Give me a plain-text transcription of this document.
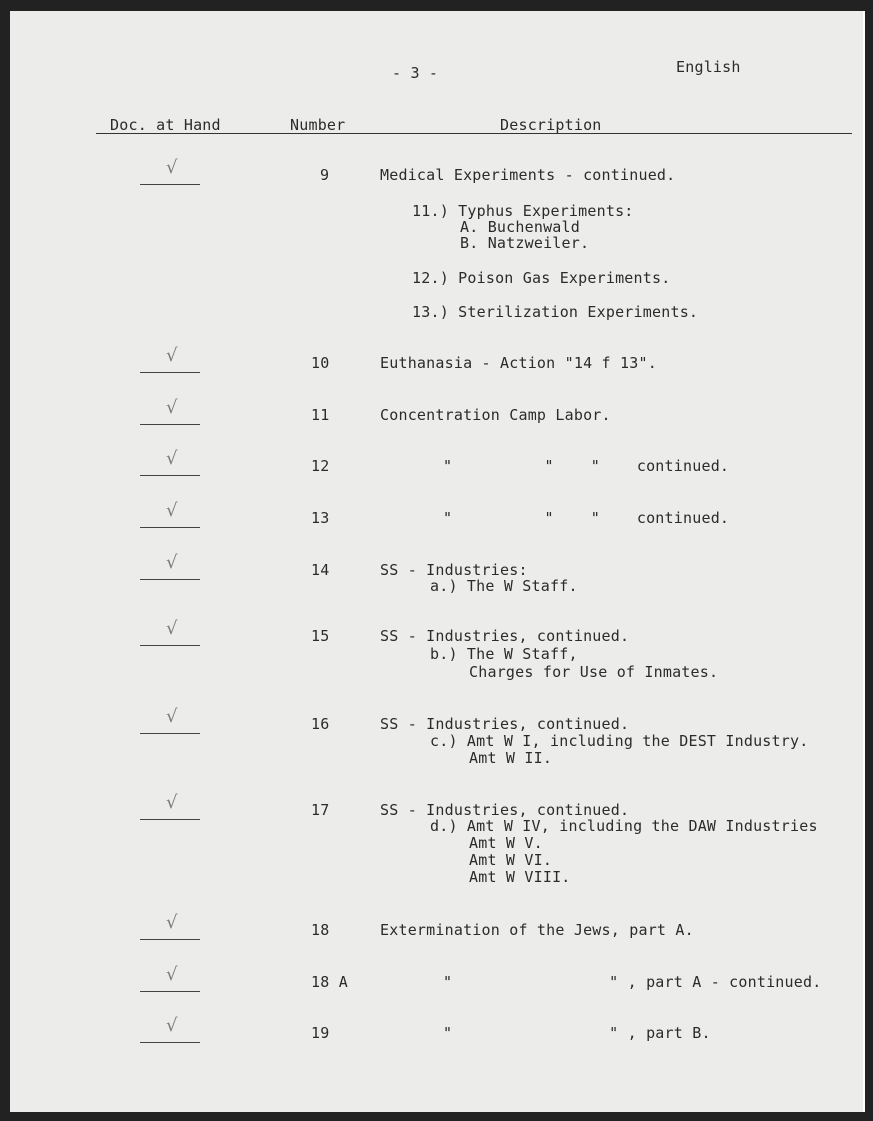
- 3 -	English
Doc. at Hand	Number	Description
√	9	Medical Experiments - continued.
11.) Typhus Experiments:
A. Buchenwald
B. Natzweiler.
12.) Poison Gas Experiments.
13.) Sterilization Experiments.
√	10	Euthanasia - Action "14 f 13".
√	11	Concentration Camp Labor.
√	12	"          "    "    continued.
√	13	"          "    "    continued.
√	14	SS - Industries:
a.) The W Staff.
√	15	SS - Industries, continued.
b.) The W Staff,
Charges for Use of Inmates.
√	16	SS - Industries, continued.
c.) Amt W I, including the DEST Industry.
Amt W II.
√	17	SS - Industries, continued.
d.) Amt W IV, including the DAW Industries
Amt W V.
Amt W VI.
Amt W VIII.
√	18	Extermination of the Jews, part A.
√	18 A	"                 " , part A - continued.
√	19	"                 " , part B.
